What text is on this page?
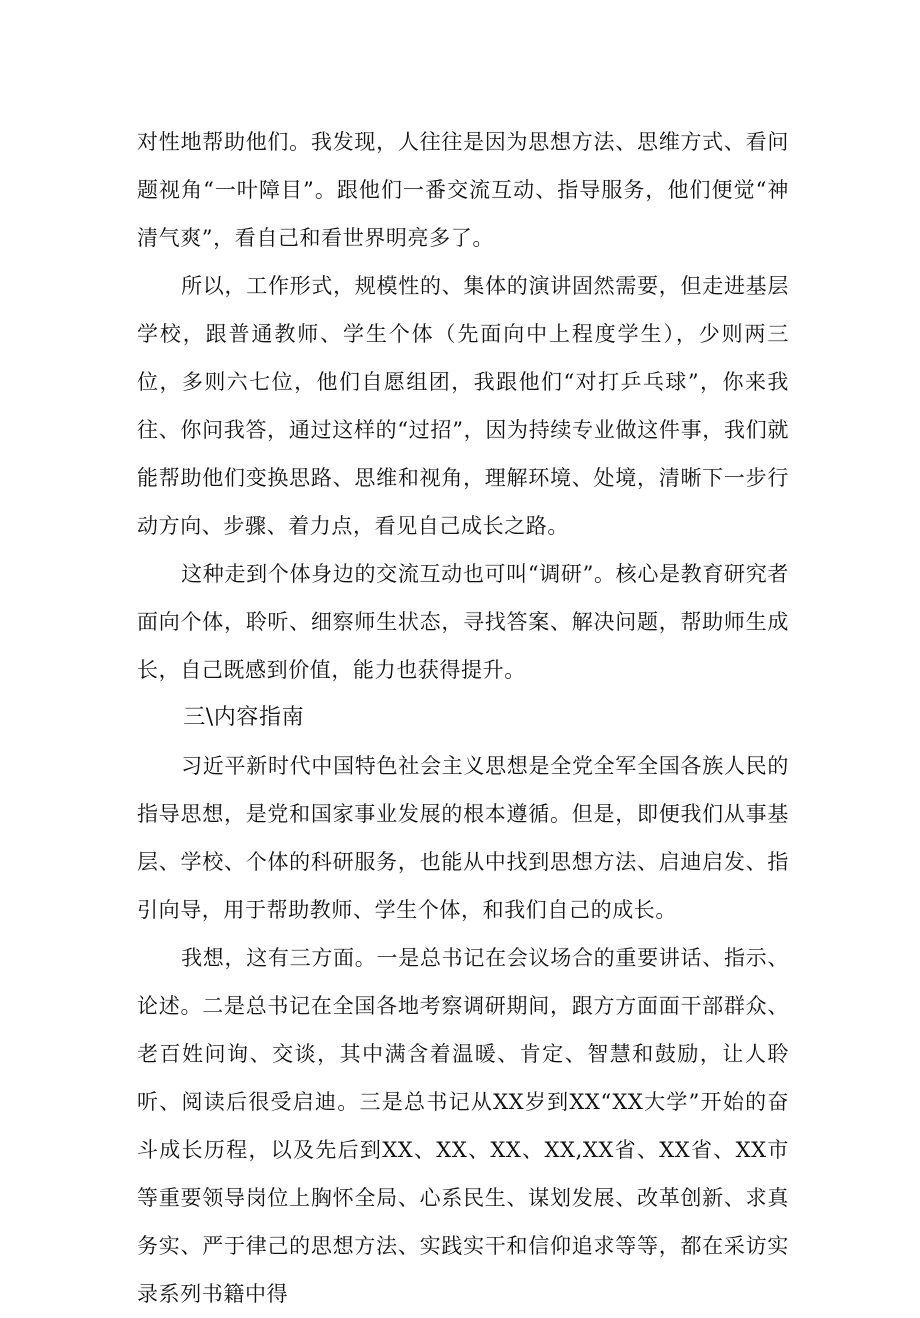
对性地帮助他们。我发现，人往往是因为思想方法、思维方式、看问题视角“一叶障目”。跟他们一番交流互动、指导服务，他们便觉“神清气爽”，看自己和看世界明亮多了。

所以，工作形式，规模性的、集体的演讲固然需要，但走进基层学校，跟普通教师、学生个体（先面向中上程度学生），少则两三位，多则六七位，他们自愿组团，我跟他们“对打乒乓球”，你来我往、你问我答，通过这样的“过招”，因为持续专业做这件事，我们就能帮助他们变换思路、思维和视角，理解环境、处境，清晰下一步行动方向、步骤、着力点，看见自己成长之路。

这种走到个体身边的交流互动也可叫“调研”。核心是教育研究者面向个体，聆听、细察师生状态，寻找答案、解决问题，帮助师生成长，自己既感到价值，能力也获得提升。

三\内容指南

习近平新时代中国特色社会主义思想是全党全军全国各族人民的指导思想，是党和国家事业发展的根本遵循。但是，即便我们从事基层、学校、个体的科研服务，也能从中找到思想方法、启迪启发、指引向导，用于帮助教师、学生个体，和我们自己的成长。

我想，这有三方面。一是总书记在会议场合的重要讲话、指示、论述。二是总书记在全国各地考察调研期间，跟方方面面干部群众、老百姓问询、交谈，其中满含着温暖、肯定、智慧和鼓励，让人聆听、阅读后很受启迪。三是总书记从XX岁到XX“XX大学”开始的奋斗成长历程，以及先后到XX、XX、XX、XX,XX省、XX省、XX市等重要领导岗位上胸怀全局、心系民生、谋划发展、改革创新、求真务实、严于律己的思想方法、实践实干和信仰追求等等，都在采访实录系列书籍中得
